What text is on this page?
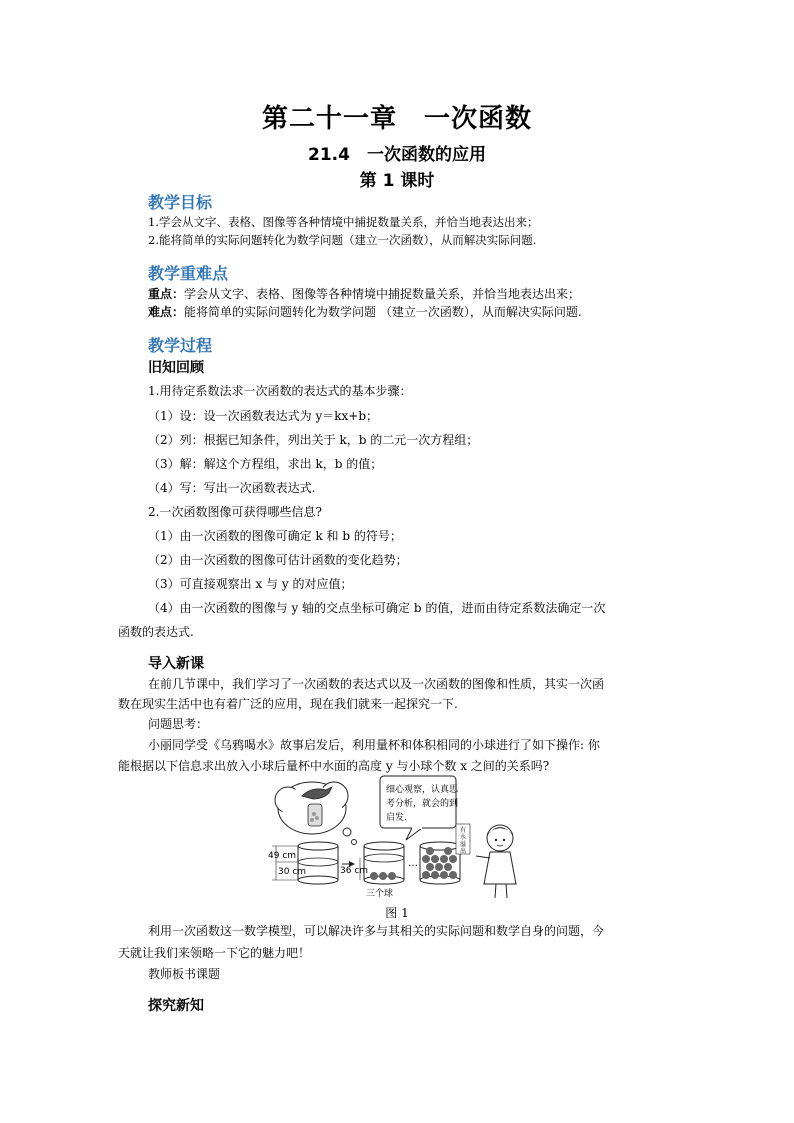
第二十一章　一次函数
21.4　一次函数的应用
第 1 课时
教学目标
1.学会从文字、表格、图像等各种情境中捕捉数量关系，并恰当地表达出来；
2.能将简单的实际问题转化为数学问题（建立一次函数），从而解决实际问题.
教学重难点
重点：学会从文字、表格、图像等各种情境中捕捉数量关系，并恰当地表达出来；
难点：能将简单的实际问题转化为数学问题 （建立一次函数），从而解决实际问题.
教学过程
旧知回顾
1.用待定系数法求一次函数的表达式的基本步骤：
（1）设：设一次函数表达式为 y＝kx+b；
（2）列：根据已知条件，列出关于 k，b 的二元一次方程组；
（3）解：解这个方程组，求出 k，b 的值；
（4）写：写出一次函数表达式.
2.一次函数图像可获得哪些信息?
（1）由一次函数的图像可确定 k 和 b 的符号；
（2）由一次函数的图像可估计函数的变化趋势；
（3）可直接观察出 x 与 y 的对应值；
（4）由一次函数的图像与 y 轴的交点坐标可确定 b 的值，进而由待定系数法确定一次
函数的表达式.
导入新课
在前几节课中，我们学习了一次函数的表达式以及一次函数的图像和性质，其实一次函
数在现实生活中也有着广泛的应用，现在我们就来一起探究一下.
问题思考：
小丽同学受《乌鸦喝水》故事启发后，利用量杯和体积相同的小球进行了如下操作: 你
能根据以下信息求出放入小球后量杯中水面的高度 y 与小球个数 x 之间的关系吗?
细心观察，认真思
考分析，就会的到
启发.
49 cm
30 cm	36 cm
三个球
…
有
水
溢
出
图 1
利用一次函数这一数学模型，可以解决许多与其相关的实际问题和数学自身的问题，今
天就让我们来领略一下它的魅力吧！
教师板书课题
探究新知
